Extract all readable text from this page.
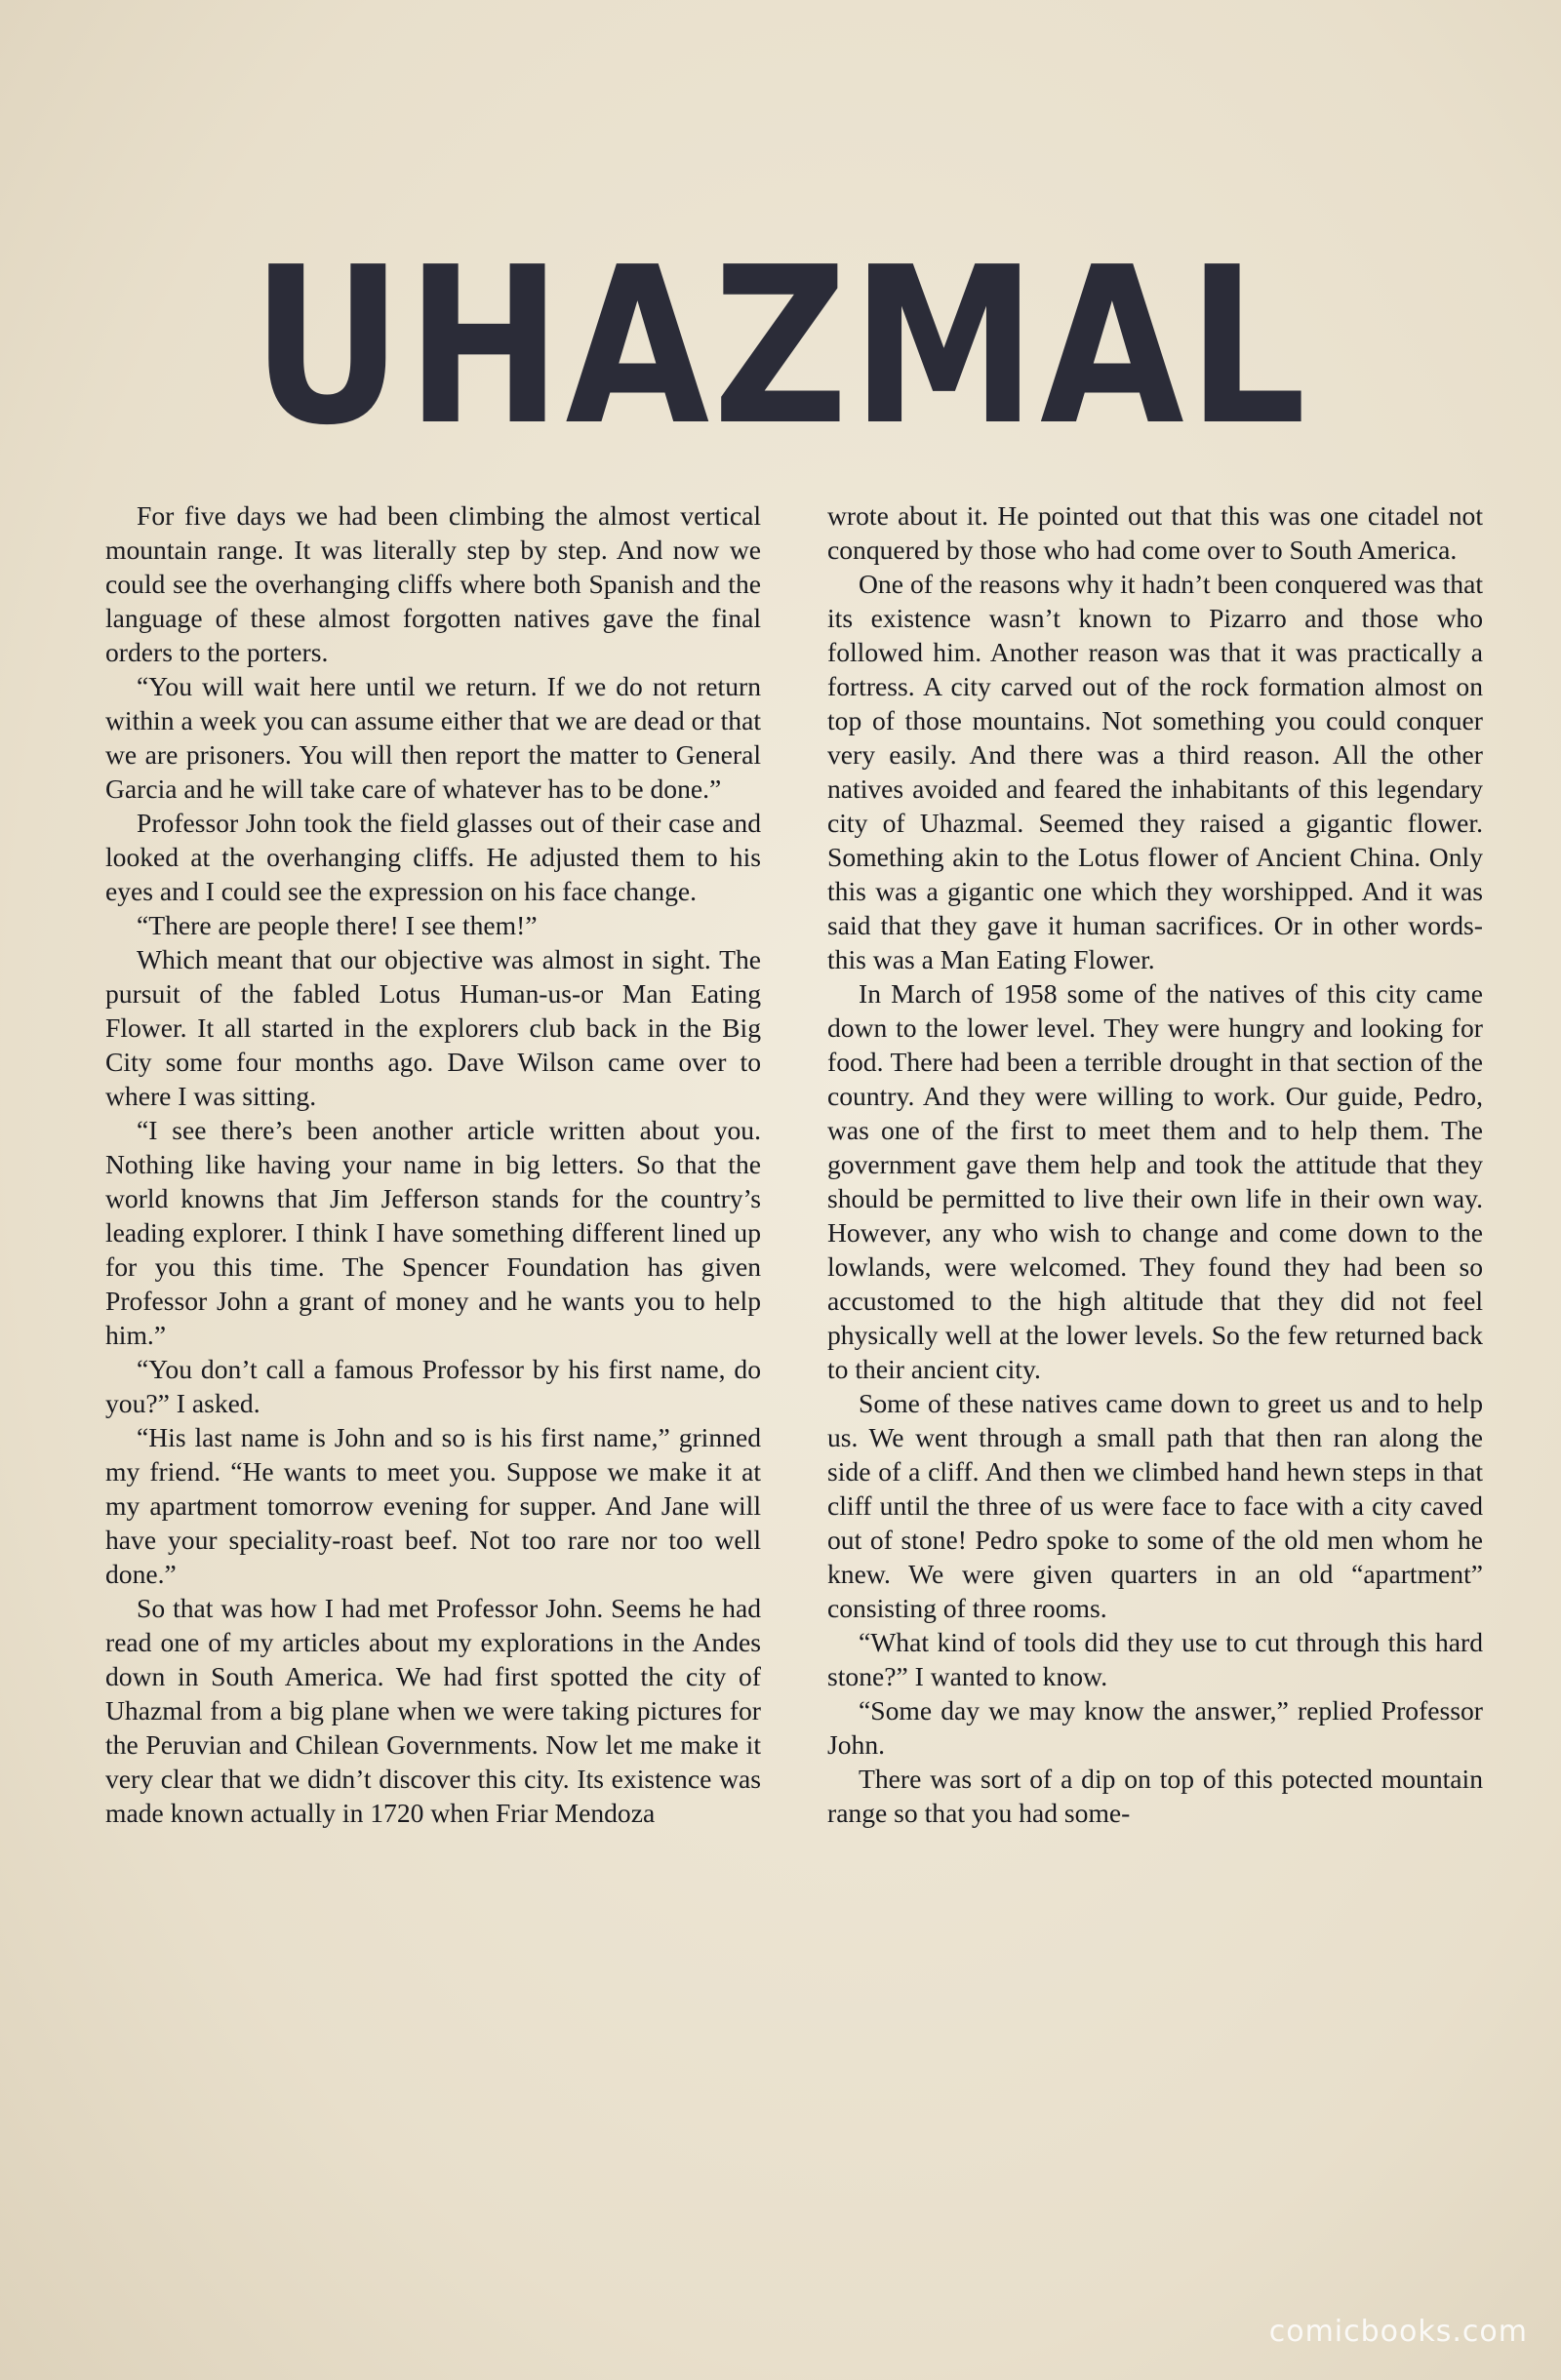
UHAZMAL

For five days we had been climbing the almost vertical mountain range. It was literally step by step. And now we could see the overhanging cliffs where both Spanish and the language of these almost forgotten natives gave the final orders to the porters.

“You will wait here until we return. If we do not return within a week you can assume either that we are dead or that we are prisoners. You will then report the matter to General Garcia and he will take care of whatever has to be done.”

Professor John took the field glasses out of their case and looked at the overhanging cliffs. He adjusted them to his eyes and I could see the expression on his face change.

“There are people there! I see them!”

Which meant that our objective was almost in sight. The pursuit of the fabled Lotus Human-us-or Man Eating Flower. It all started in the explorers club back in the Big City some four months ago. Dave Wilson came over to where I was sitting.

“I see there’s been another article written about you. Nothing like having your name in big letters. So that the world knowns that Jim Jefferson stands for the country’s leading explorer. I think I have something different lined up for you this time. The Spencer Foundation has given Professor John a grant of money and he wants you to help him.”

“You don’t call a famous Professor by his first name, do you?” I asked.

“His last name is John and so is his first name,” grinned my friend. “He wants to meet you. Suppose we make it at my apartment tomorrow evening for supper. And Jane will have your speciality-roast beef. Not too rare nor too well done.”

So that was how I had met Professor John. Seems he had read one of my articles about my explorations in the Andes down in South America. We had first spotted the city of Uhazmal from a big plane when we were taking pictures for the Peruvian and Chilean Governments. Now let me make it very clear that we didn’t discover this city. Its existence was made known actually in 1720 when Friar Mendoza

wrote about it. He pointed out that this was one citadel not conquered by those who had come over to South America.

One of the reasons why it hadn’t been conquered was that its existence wasn’t known to Pizarro and those who followed him. Another reason was that it was practically a fortress. A city carved out of the rock formation almost on top of those mountains. Not something you could conquer very easily. And there was a third reason. All the other natives avoided and feared the inhabitants of this legendary city of Uhazmal. Seemed they raised a gigantic flower. Something akin to the Lotus flower of Ancient China. Only this was a gigantic one which they worshipped. And it was said that they gave it human sacrifices. Or in other words-this was a Man Eating Flower.

In March of 1958 some of the natives of this city came down to the lower level. They were hungry and looking for food. There had been a terrible drought in that section of the country. And they were willing to work. Our guide, Pedro, was one of the first to meet them and to help them. The government gave them help and took the attitude that they should be permitted to live their own life in their own way. However, any who wish to change and come down to the lowlands, were welcomed. They found they had been so accustomed to the high altitude that they did not feel physically well at the lower levels. So the few returned back to their ancient city.

Some of these natives came down to greet us and to help us. We went through a small path that then ran along the side of a cliff. And then we climbed hand hewn steps in that cliff until the three of us were face to face with a city caved out of stone! Pedro spoke to some of the old men whom he knew. We were given quarters in an old “apartment” consisting of three rooms.

“What kind of tools did they use to cut through this hard stone?” I wanted to know.

“Some day we may know the answer,” replied Professor John.

There was sort of a dip on top of this potected mountain range so that you had some-

comicbooks.com
